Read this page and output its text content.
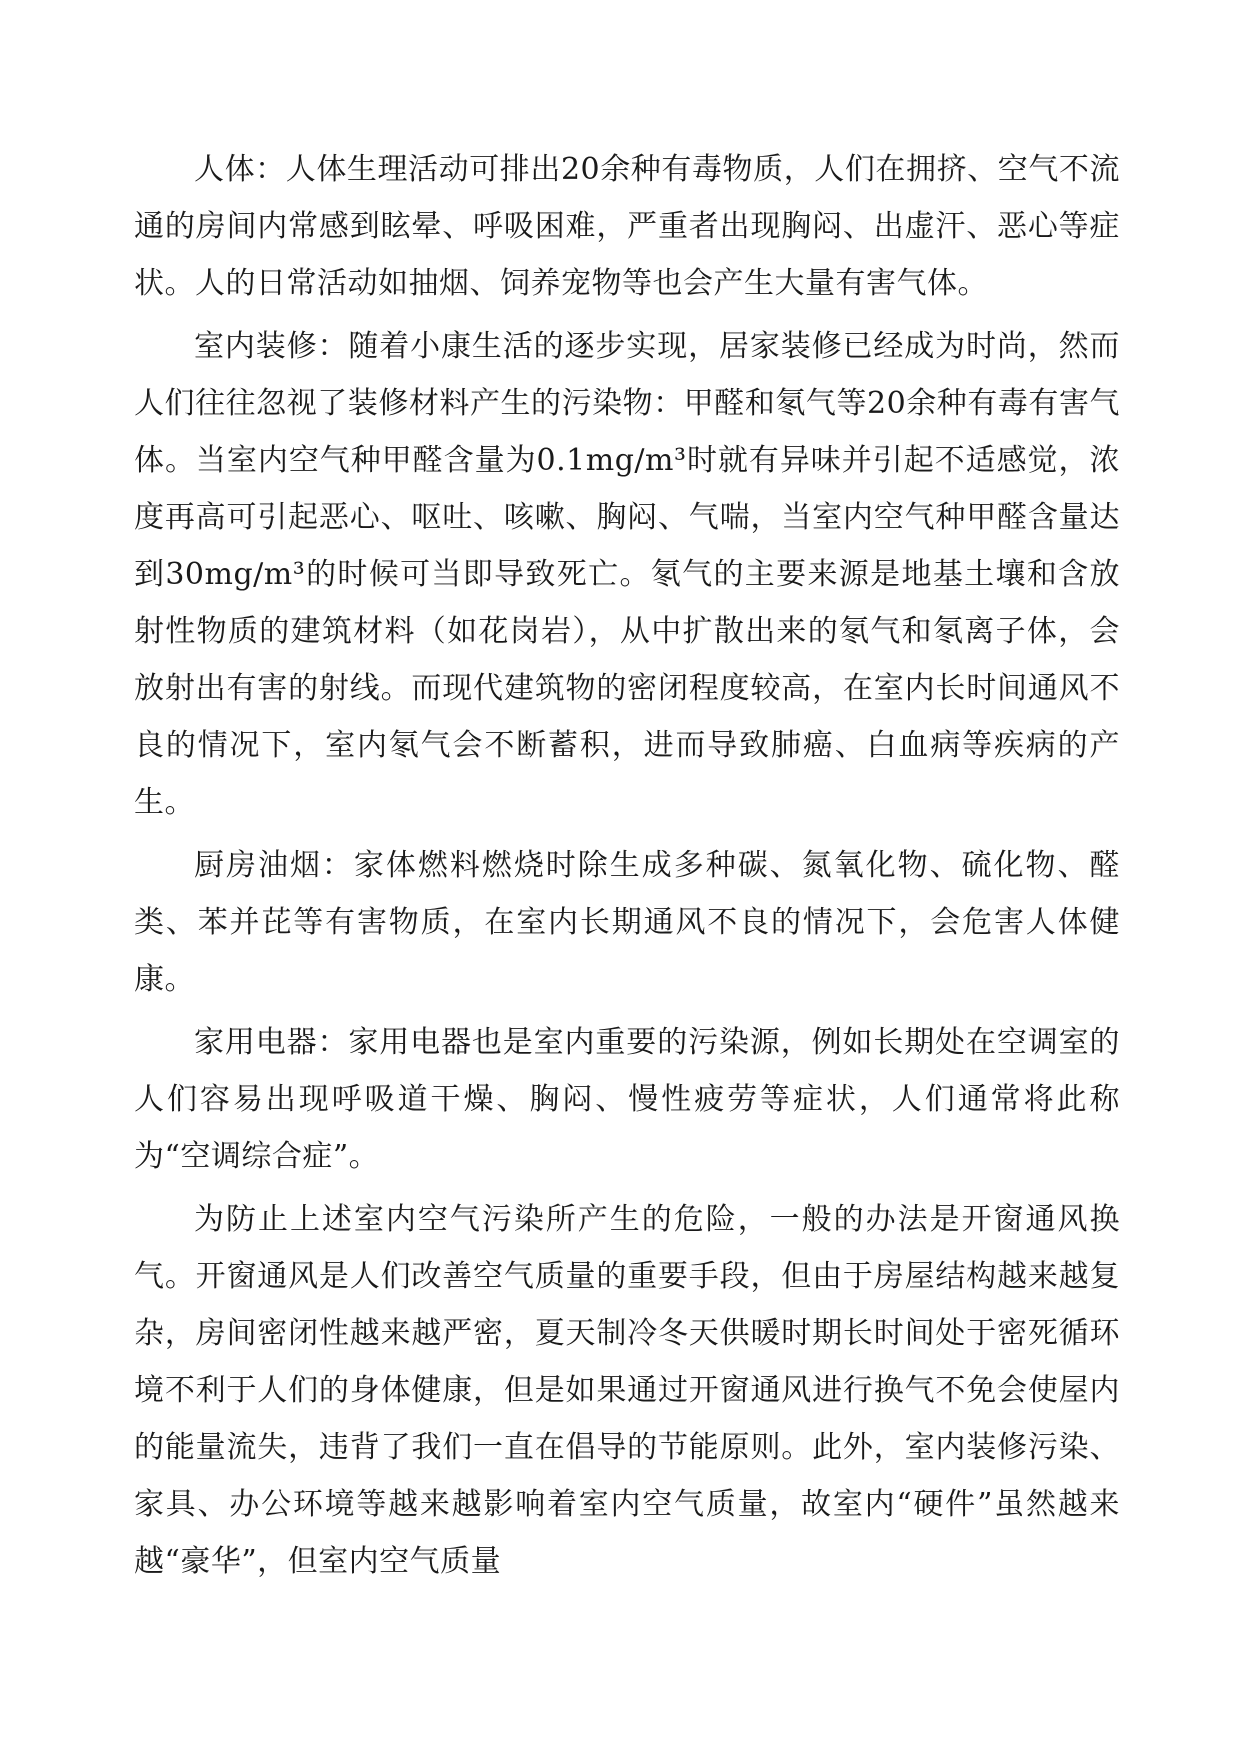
人体：人体生理活动可排出20余种有毒物质，人们在拥挤、空气不流通的房间内常感到眩晕、呼吸困难，严重者出现胸闷、出虚汗、恶心等症状。人的日常活动如抽烟、饲养宠物等也会产生大量有害气体。

室内装修：随着小康生活的逐步实现，居家装修已经成为时尚，然而人们往往忽视了装修材料产生的污染物：甲醛和氡气等20余种有毒有害气体。当室内空气种甲醛含量为0.1mg/m³时就有异味并引起不适感觉，浓度再高可引起恶心、呕吐、咳嗽、胸闷、气喘，当室内空气种甲醛含量达到30mg/m³的时候可当即导致死亡。氡气的主要来源是地基土壤和含放射性物质的建筑材料（如花岗岩），从中扩散出来的氡气和氡离子体，会放射出有害的射线。而现代建筑物的密闭程度较高，在室内长时间通风不良的情况下，室内氡气会不断蓄积，进而导致肺癌、白血病等疾病的产生。

厨房油烟：家体燃料燃烧时除生成多种碳、氮氧化物、硫化物、醛类、苯并芘等有害物质，在室内长期通风不良的情况下，会危害人体健康。

家用电器：家用电器也是室内重要的污染源，例如长期处在空调室的人们容易出现呼吸道干燥、胸闷、慢性疲劳等症状，人们通常将此称为“空调综合症”。

为防止上述室内空气污染所产生的危险，一般的办法是开窗通风换气。开窗通风是人们改善空气质量的重要手段，但由于房屋结构越来越复杂，房间密闭性越来越严密，夏天制冷冬天供暖时期长时间处于密死循环境不利于人们的身体健康，但是如果通过开窗通风进行换气不免会使屋内的能量流失，违背了我们一直在倡导的节能原则。此外，室内装修污染、家具、办公环境等越来越影响着室内空气质量，故室内“硬件”虽然越来越“豪华”，但室内空气质量
